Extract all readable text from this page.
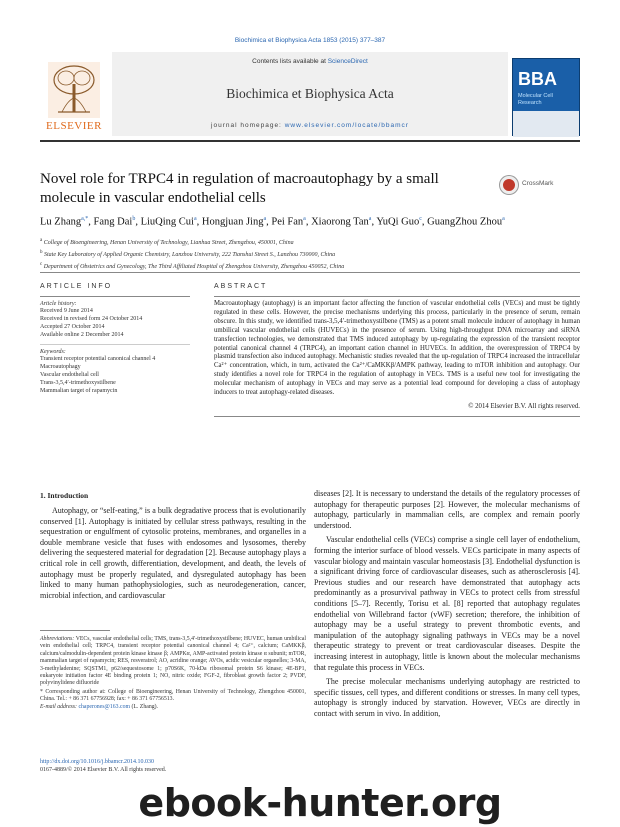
Biochimica et Biophysica Acta 1853 (2015) 377–387
ELSEVIER
Contents lists available at ScienceDirect
Biochimica et Biophysica Acta
journal homepage: www.elsevier.com/locate/bbamcr
BBA
Molecular Cell Research
Novel role for TRPC4 in regulation of macroautophagy by a small molecule in vascular endothelial cells
CrossMark
Lu Zhang$^{a,*}$, Fang Dai$^b$, LiuQing Cui$^a$, Hongjuan Jing$^a$, Pei Fan$^a$, Xiaorong Tan$^a$, YuQi Guo$^c$, GuangZhou Zhou$^a$
$^a$ College of Bioengineering, Henan University of Technology, Lianhua Street, Zhengzhou, 450001, China
$^b$ State Key Laboratory of Applied Organic Chemistry, Lanzhou University, 222 Tianshui Street S., Lanzhou 730000, China
$^c$ Department of Obstetrics and Gynecology, The Third Affiliated Hospital of Zhengzhou University, Zhengzhou 450052, China
ARTICLE INFO
Article history:
Received 9 June 2014
Received in revised form 24 October 2014
Accepted 27 October 2014
Available online 2 December 2014
Keywords:
Transient receptor potential canonical channel 4
Macroautophagy
Vascular endothelial cell
Trans-3,5,4′-trimethoxystilbene
Mammalian target of rapamycin
ABSTRACT
Macroautophagy (autophagy) is an important factor affecting the function of vascular endothelial cells (VECs) and must be tightly regulated in these cells. However, the precise mechanisms underlying this process, particularly in the presence of serum, remain obscure. In this study, we identified trans-3,5,4′-trimethoxystilbene (TMS) as a potent small molecule inducer of autophagy in human umbilical vascular endothelial cells (HUVECs) in the presence of serum. Using high-throughput DNA microarray and siRNA transfection technologies, we demonstrated that TMS induced autophagy by up-regulating the expression of the transient receptor potential canonical channel 4 (TRPC4), an important cation channel in HUVECs. In addition, the overexpression of TRPC4 by plasmid transfection also induced autophagy. Mechanistic studies revealed that the up-regulation of TRPC4 increased the intracellular Ca²⁺ concentration, which, in turn, activated the Ca²⁺/CaMKKβ/AMPK pathway, leading to mTOR inhibition and autophagy. Our study identifies a novel role for TRPC4 in the regulation of autophagy in VECs. TMS is a useful new tool for investigating the molecular mechanism of autophagy in VECs and may serve as a potential lead compound for developing a class of autophagy inducers to treat autophagy-related diseases.
© 2014 Elsevier B.V. All rights reserved.
1. Introduction

Autophagy, or “self-eating,” is a bulk degradative process that is evolutionarily conserved [1]. Autophagy is initiated by cellular stress pathways, resulting in the sequestration or engulfment of cytosolic proteins, membranes, and organelles in a double membrane vesicle that fuses with endosomes and lysosomes, thereby delivering the sequestered material for degradation [2]. Because autophagy plays a critical role in cell growth, differentiation, development, and death, the levels of autophagy must be properly regulated, and dysregulated autophagy has been linked to many human pathophysiologies, such as neurodegeneration, cancer, microbial infection, and cardiovascular

diseases [2]. It is necessary to understand the details of the regulatory processes of autophagy for therapeutic purposes [2]. However, the molecular mechanisms of autophagy, particularly in mammalian cells, are complex and remain poorly understood.

Vascular endothelial cells (VECs) comprise a single cell layer of endothelium, forming the interior surface of blood vessels. VECs participate in many aspects of vascular biology and maintain vascular homeostasis [3]. Endothelial dysfunction is a significant driving force of cardiovascular diseases, such as atherosclerosis [4]. Previous studies and our research have demonstrated that autophagy acts predominantly as a prosurvival pathway in VECs to protect cells from stressful conditions [5–7]. Recently, Torisu et al. [8] reported that autophagy regulates endothelial von Willebrand factor (vWF) secretion; therefore, the inhibition of autophagy may be a useful strategy to prevent thrombotic events, and manipulation of the autophagy signaling pathways in VECs may be a novel therapeutic strategy to prevent or treat cardiovascular diseases. Despite the increasing interest in autophagy, little is known about the molecular mechanisms that regulate this process in VECs.

The precise molecular mechanisms underlying autophagy are restricted to specific tissues, cell types, and different conditions or stresses. In many cell types, autophagy is strongly induced by starvation. However, VECs are directly in contact with serum in vivo. In addition,

Abbreviations: VECs, vascular endothelial cells; TMS, trans-3,5,4′-trimethoxystilbene; HUVEC, human umbilical vein endothelial cell; TRPC4, transient receptor potential canonical channel 4; Ca²⁺, calcium; CaMKKβ, calcium/calmodulin-dependent protein kinase kinase β; AMPKα, AMP-activated protein kinase α subunit; mTOR, mammalian target of rapamycin; RES, resveratrol; AO, acridine orange; AVOs, acidic vesicular organelles; 3-MA, 3-methyladenine; SQSTM1, p62/sequestosome 1; p70S6K, 70-kDa ribosomal protein S6 kinase; 4E-BP1, eukaryote initiation factor 4E binding protein 1; NO, nitric oxide; FGF-2, fibroblast growth factor 2; PVDF, polyvinylidene difluoride
* Corresponding author at: College of Bioengineering, Henan University of Technology, Zhengzhou 450001, China. Tel.: + 86 371 67756928; fax: + 86 371 67756513.
E-mail address: chaperones@163.com (L. Zhang).
http://dx.doi.org/10.1016/j.bbamcr.2014.10.030
0167-4889/© 2014 Elsevier B.V. All rights reserved.
ebook-hunter.org
